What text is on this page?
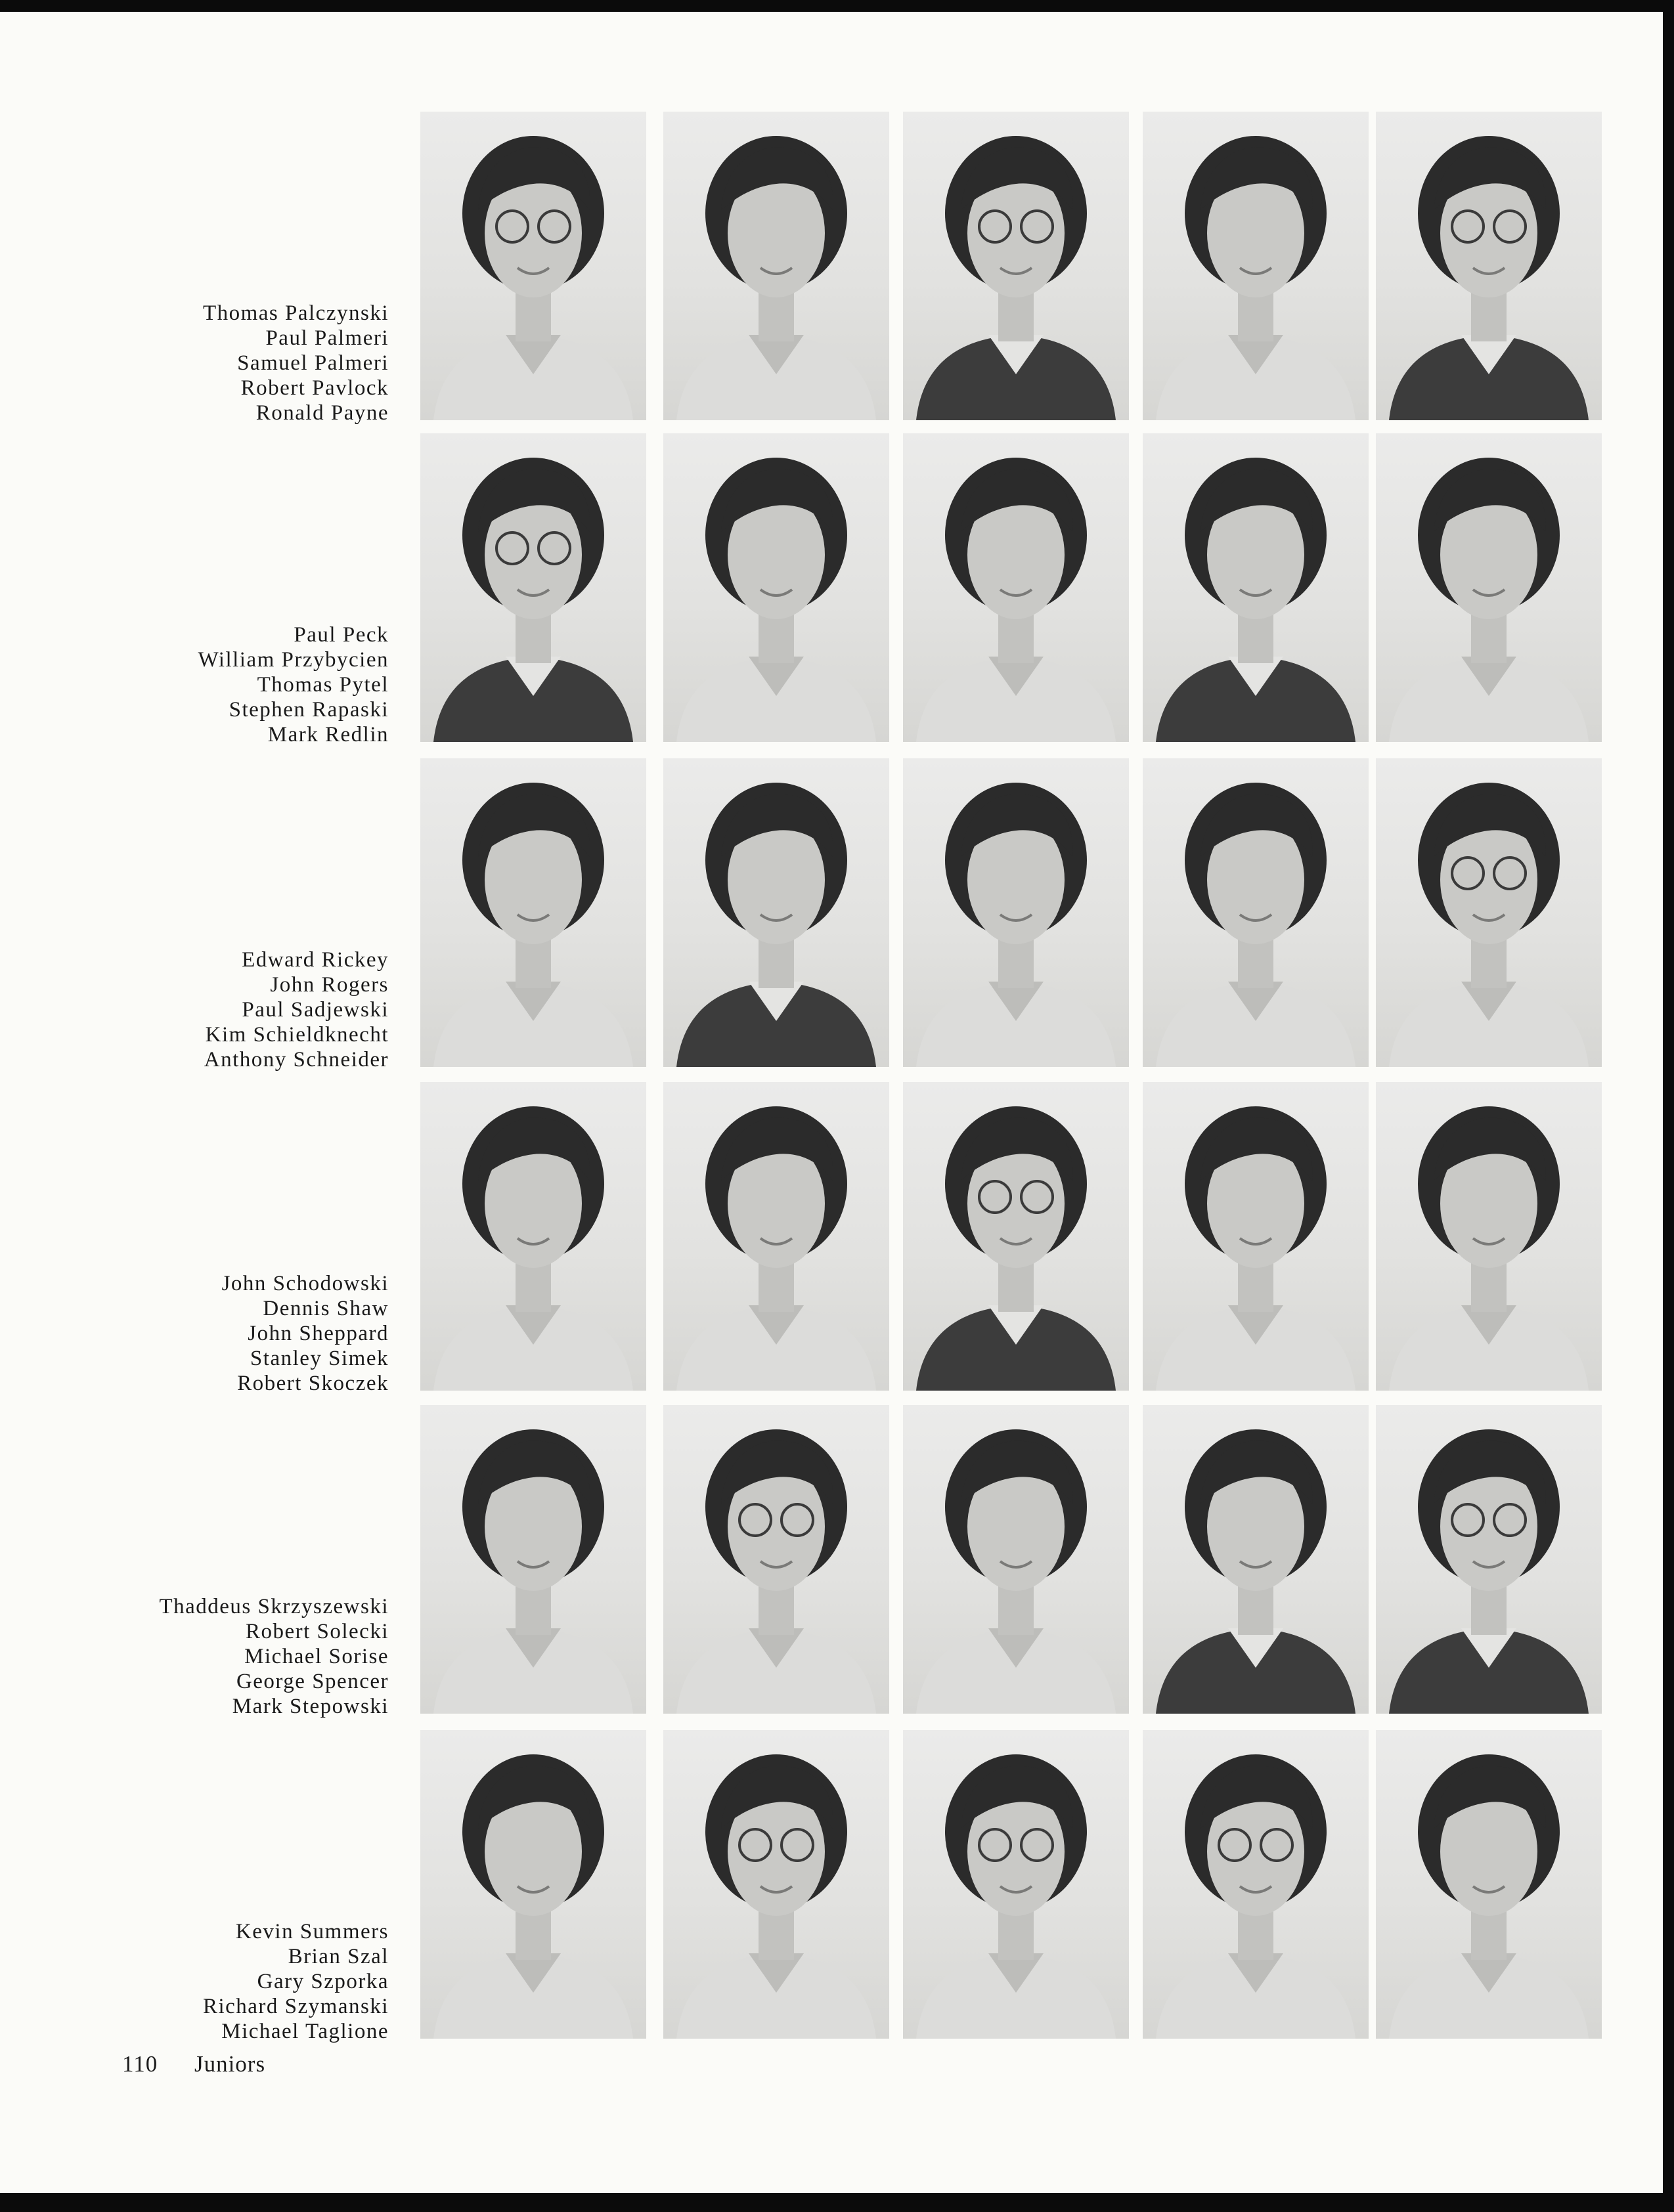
Thomas Palczynski
Paul Palmeri
Samuel Palmeri
Robert Pavlock
Ronald Payne
Paul Peck
William Przybycien
Thomas Pytel
Stephen Rapaski
Mark Redlin
Edward Rickey
John Rogers
Paul Sadjewski
Kim Schieldknecht
Anthony Schneider
John Schodowski
Dennis Shaw
John Sheppard
Stanley Simek
Robert Skoczek
Thaddeus Skrzyszewski
Robert Solecki
Michael Sorise
George Spencer
Mark Stepowski
Kevin Summers
Brian Szal
Gary Szporka
Richard Szymanski
Michael Taglione
110 Juniors
